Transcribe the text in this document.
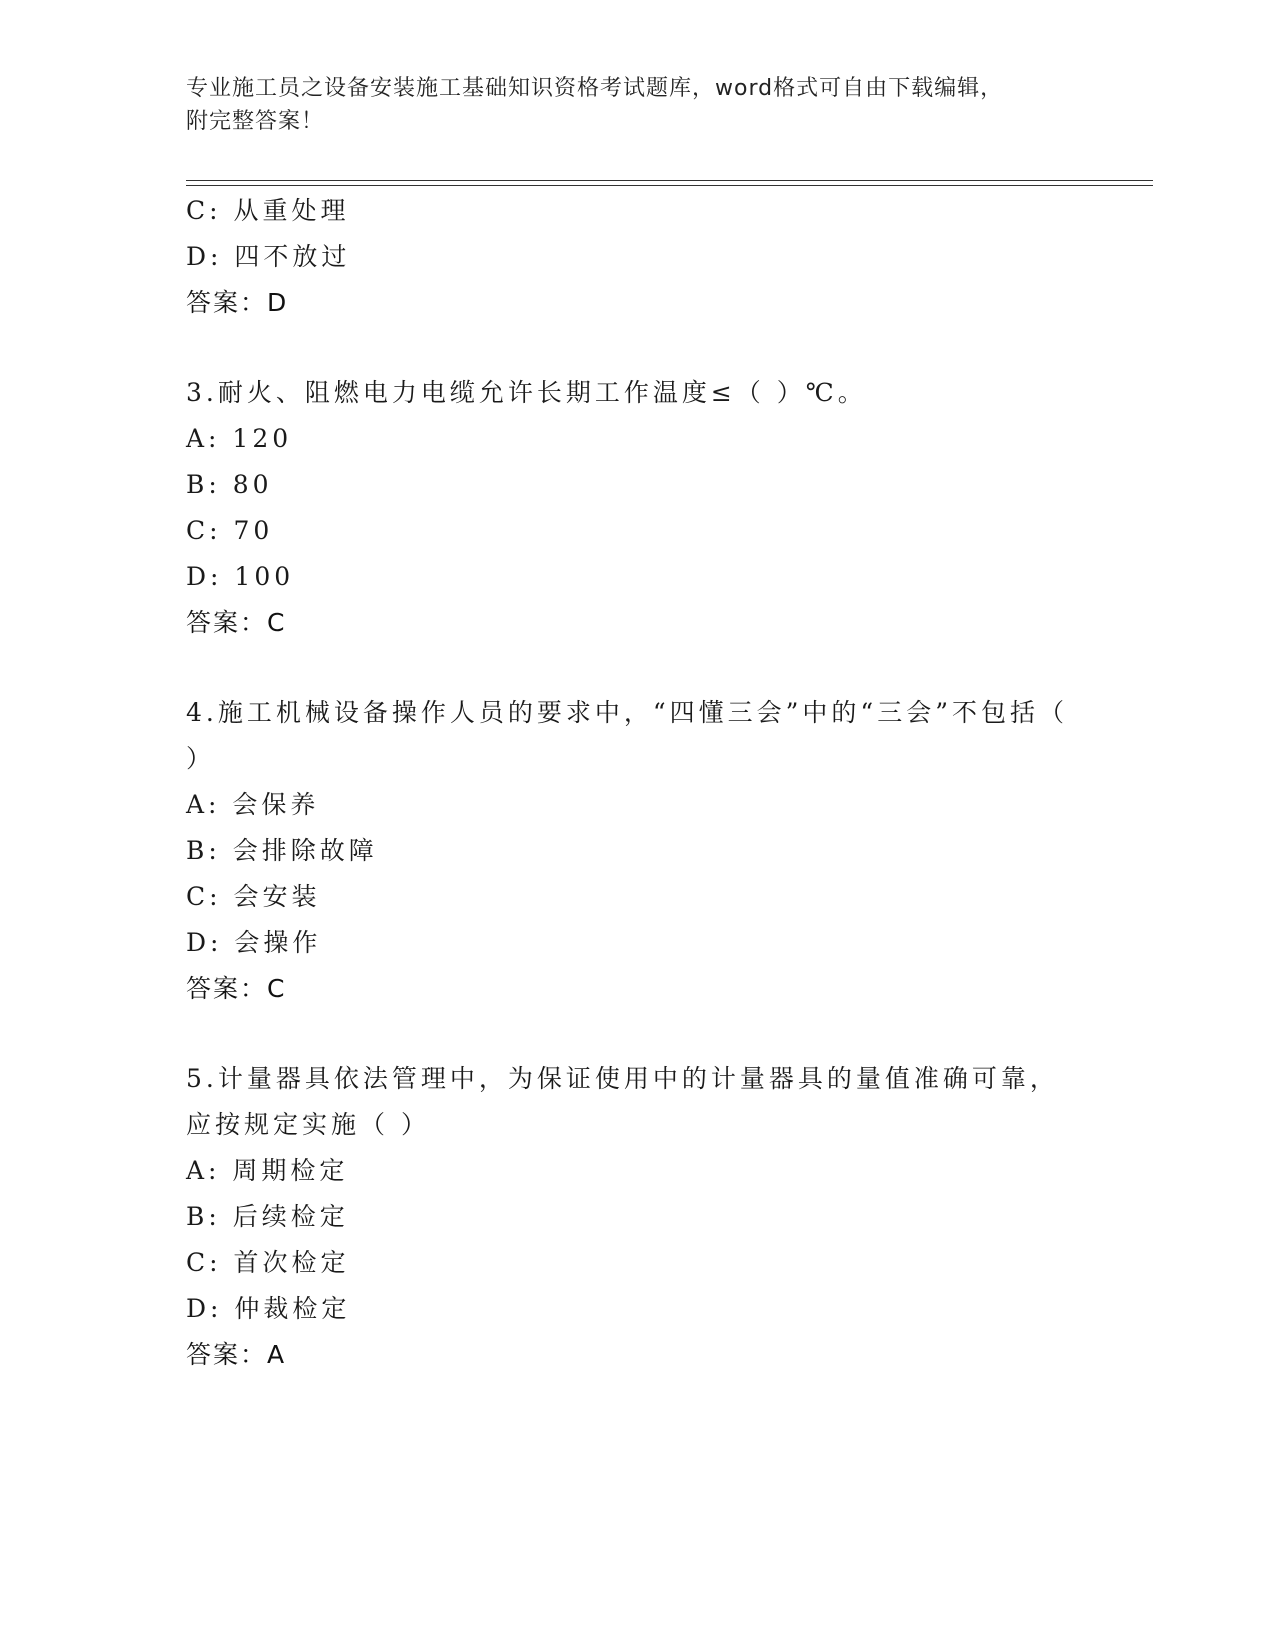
专业施工员之设备安装施工基础知识资格考试题库，word格式可自由下载编辑，
附完整答案！
C: 从重处理
D: 四不放过
答案：D
3.耐火、阻燃电力电缆允许长期工作温度≤（ ）℃。
A: 120
B: 80
C: 70
D: 100
答案：C
4.施工机械设备操作人员的要求中，“四懂三会”中的“三会”不包括（ ）
A: 会保养
B: 会排除故障
C: 会安装
D: 会操作
答案：C
5.计量器具依法管理中，为保证使用中的计量器具的量值准确可靠，应按规定实施（ ）
A: 周期检定
B: 后续检定
C: 首次检定
D: 仲裁检定
答案：A
